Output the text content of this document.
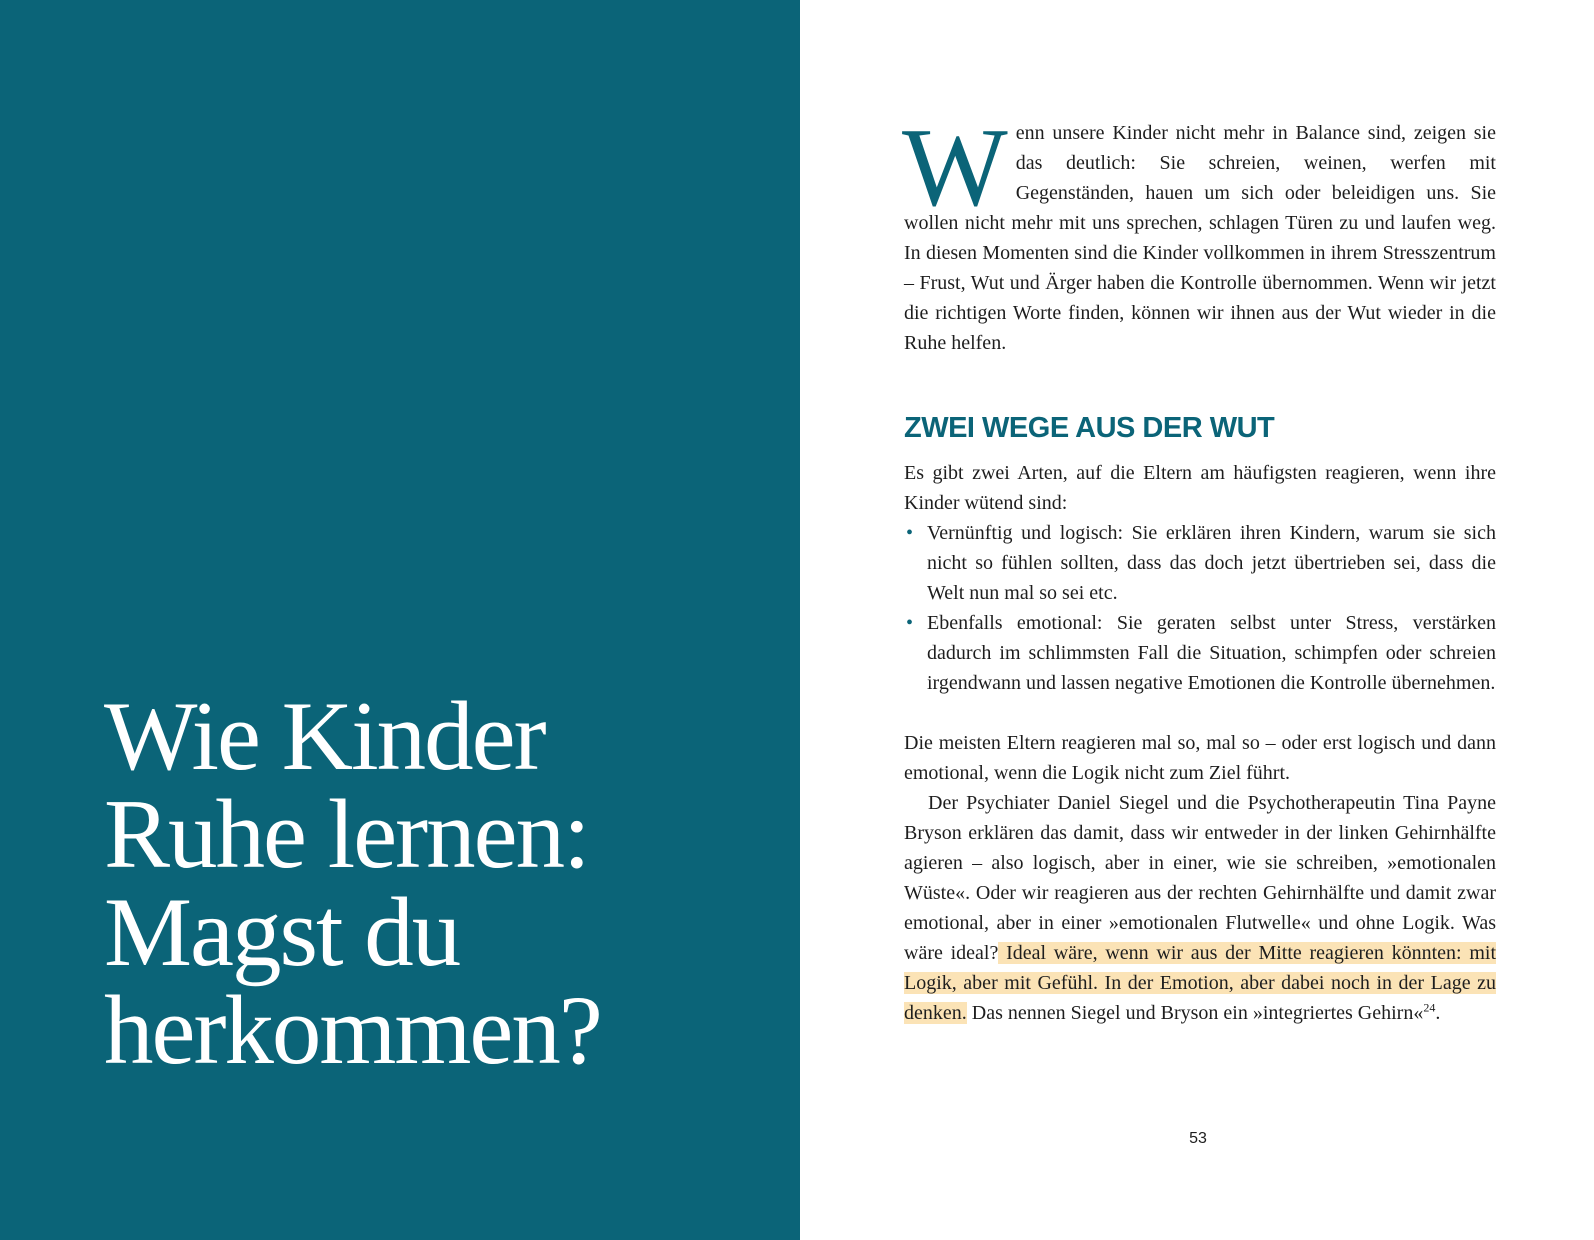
Wie Kinder
Ruhe lernen:
Magst du
herkommen?

Wenn unsere Kinder nicht mehr in Balance sind, zeigen sie das deutlich: Sie schreien, weinen, werfen mit Gegenständen, hauen um sich oder beleidigen uns. Sie wollen nicht mehr mit uns sprechen, schlagen Türen zu und laufen weg. In diesen Momenten sind die Kinder vollkommen in ihrem Stresszentrum – Frust, Wut und Ärger haben die Kontrolle übernommen. Wenn wir jetzt die richtigen Worte finden, können wir ihnen aus der Wut wieder in die Ruhe helfen.

ZWEI WEGE AUS DER WUT

Es gibt zwei Arten, auf die Eltern am häufigsten reagieren, wenn ihre Kinder wütend sind:

• Vernünftig und logisch: Sie erklären ihren Kindern, warum sie sich nicht so fühlen sollten, dass das doch jetzt übertrieben sei, dass die Welt nun mal so sei etc.
• Ebenfalls emotional: Sie geraten selbst unter Stress, verstärken dadurch im schlimmsten Fall die Situation, schimpfen oder schreien irgendwann und lassen negative Emotionen die Kontrolle übernehmen.

Die meisten Eltern reagieren mal so, mal so – oder erst logisch und dann emotional, wenn die Logik nicht zum Ziel führt.

Der Psychiater Daniel Siegel und die Psychotherapeutin Tina Payne Bryson erklären das damit, dass wir entweder in der linken Gehirnhälfte agieren – also logisch, aber in einer, wie sie schreiben, »emotionalen Wüste«. Oder wir reagieren aus der rechten Gehirnhälfte und damit zwar emotional, aber in einer »emotionalen Flutwelle« und ohne Logik. Was wäre ideal? Ideal wäre, wenn wir aus der Mitte reagieren könnten: mit Logik, aber mit Gefühl. In der Emotion, aber dabei noch in der Lage zu denken. Das nennen Siegel und Bryson ein »integriertes Gehirn«$^{24}$.

53
